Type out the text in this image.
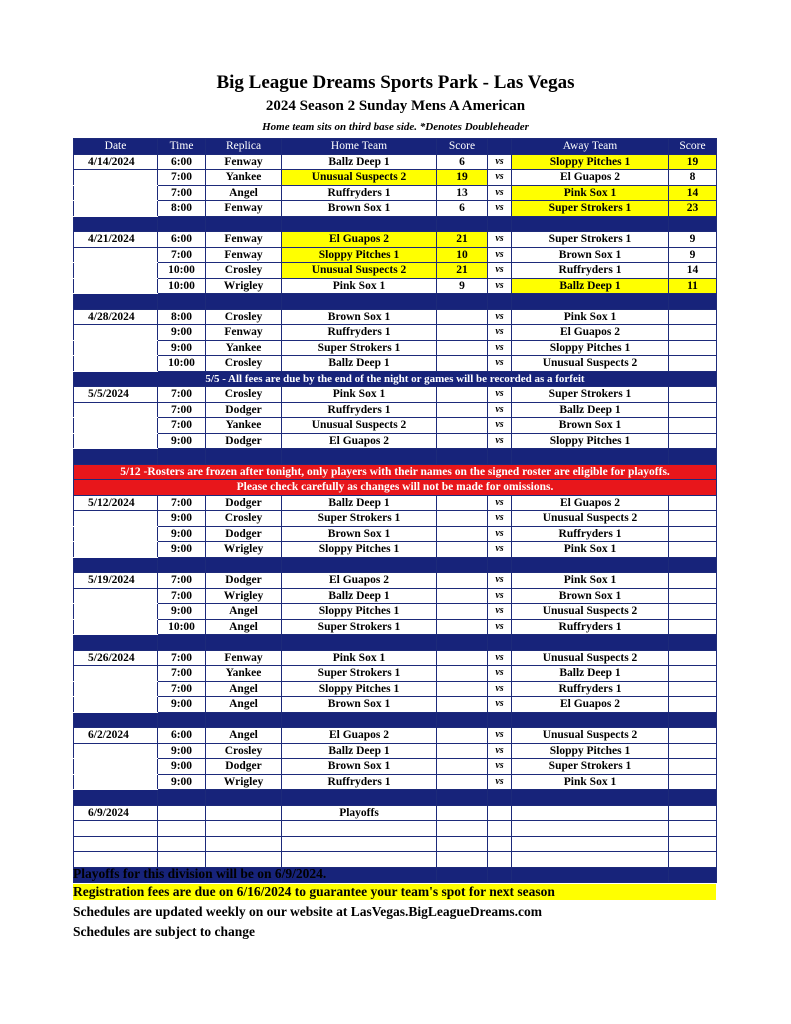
Big League Dreams Sports Park - Las Vegas
2024 Season 2 Sunday Mens A American
Home team sits on third base side. *Denotes Doubleheader
Date	Time	Replica	Home Team	Score		Away Team	Score
4/14/2024	6:00	Fenway	Ballz Deep 1	6	vs	Sloppy Pitches 1	19
	7:00	Yankee	Unusual Suspects 2	19	vs	El Guapos 2	8
	7:00	Angel	Ruffryders 1	13	vs	Pink Sox 1	14
	8:00	Fenway	Brown Sox 1	6	vs	Super Strokers 1	23

4/21/2024	6:00	Fenway	El Guapos 2	21	vs	Super Strokers 1	9
	7:00	Fenway	Sloppy Pitches 1	10	vs	Brown Sox 1	9
	10:00	Crosley	Unusual Suspects 2	21	vs	Ruffryders 1	14
	10:00	Wrigley	Pink Sox 1	9	vs	Ballz Deep 1	11

4/28/2024	8:00	Crosley	Brown Sox 1		vs	Pink Sox 1	
	9:00	Fenway	Ruffryders 1		vs	El Guapos 2	
	9:00	Yankee	Super Strokers 1		vs	Sloppy Pitches 1	
	10:00	Crosley	Ballz Deep 1		vs	Unusual Suspects 2	
5/5 - All fees are due by the end of the night or games will be recorded as a forfeit							
5/5/2024	7:00	Crosley	Pink Sox 1		vs	Super Strokers 1	
	7:00	Dodger	Ruffryders 1		vs	Ballz Deep 1	
	7:00	Yankee	Unusual Suspects 2		vs	Brown Sox 1	
	9:00	Dodger	El Guapos 2		vs	Sloppy Pitches 1	

5/12 -Rosters are frozen after tonight, only players with their names on the signed roster are eligible for playoffs.							
Please check carefully as changes will not be made for omissions.							
5/12/2024	7:00	Dodger	Ballz Deep 1		vs	El Guapos 2	
	9:00	Crosley	Super Strokers 1		vs	Unusual Suspects 2	
	9:00	Dodger	Brown Sox 1		vs	Ruffryders 1	
	9:00	Wrigley	Sloppy Pitches 1		vs	Pink Sox 1	

5/19/2024	7:00	Dodger	El Guapos 2		vs	Pink Sox 1	
	7:00	Wrigley	Ballz Deep 1		vs	Brown Sox 1	
	9:00	Angel	Sloppy Pitches 1		vs	Unusual Suspects 2	
	10:00	Angel	Super Strokers 1		vs	Ruffryders 1	

5/26/2024	7:00	Fenway	Pink Sox 1		vs	Unusual Suspects 2	
	7:00	Yankee	Super Strokers 1		vs	Ballz Deep 1	
	7:00	Angel	Sloppy Pitches 1		vs	Ruffryders 1	
	9:00	Angel	Brown Sox 1		vs	El Guapos 2	

6/2/2024	6:00	Angel	El Guapos 2		vs	Unusual Suspects 2	
	9:00	Crosley	Ballz Deep 1		vs	Sloppy Pitches 1	
	9:00	Dodger	Brown Sox 1		vs	Super Strokers 1	
	9:00	Wrigley	Ruffryders 1		vs	Pink Sox 1	

6/9/2024			Playoffs				

Playoffs for this division will be on 6/9/2024.
Registration fees are due on 6/16/2024 to guarantee your team's spot for next season
Schedules are updated weekly on our website at LasVegas.BigLeagueDreams.com
Schedules are subject to change
